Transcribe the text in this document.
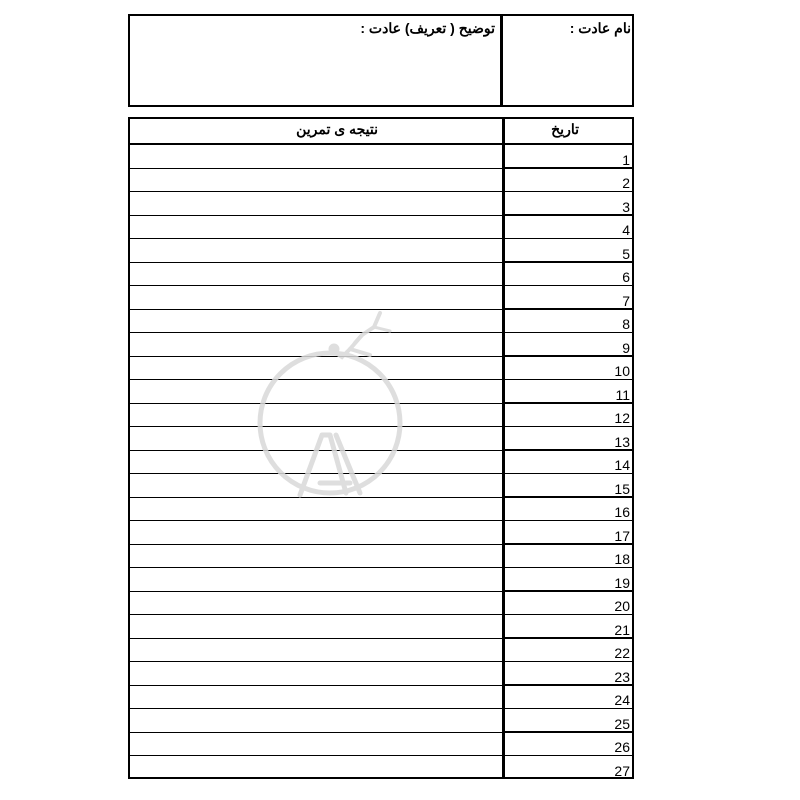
نام عادت :
توضیح ( تعریف) عادت :
تاریخ
نتیجه ی تمرین
1
2
3
4
5
6
7
8
9
10
11
12
13
14
15
16
17
18
19
20
21
22
23
24
25
26
27
